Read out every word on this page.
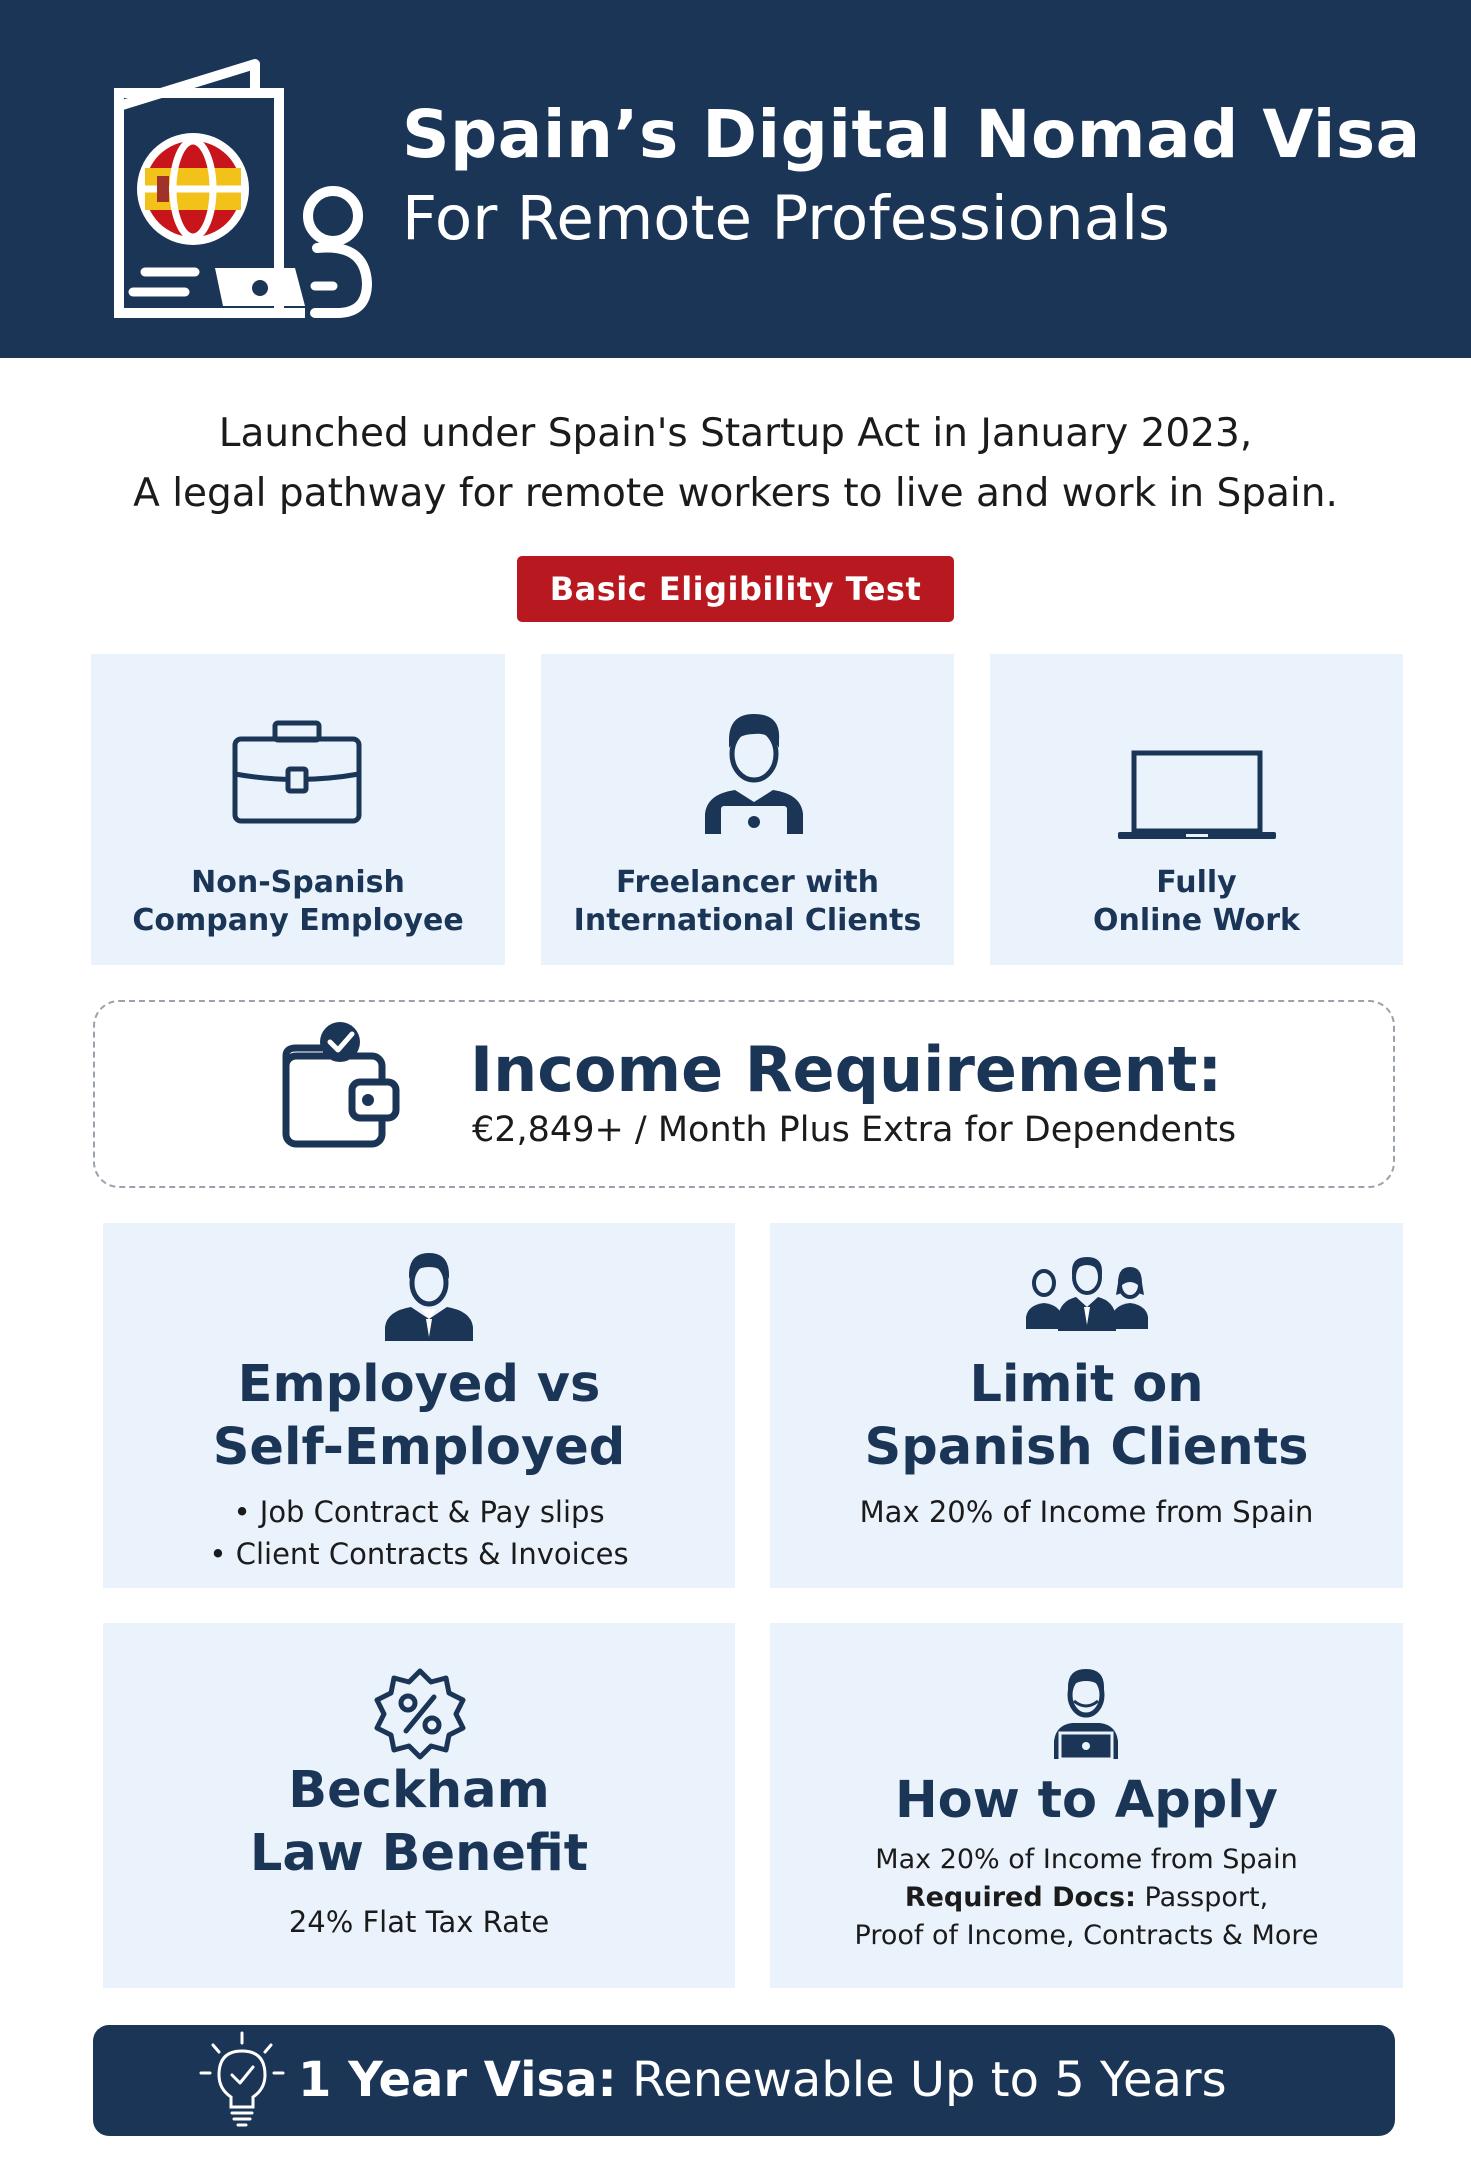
Spain’s Digital Nomad Visa
For Remote Professionals
Launched under Spain's Startup Act in January 2023,
A legal pathway for remote workers to live and work in Spain.
Basic Eligibility Test
Non-Spanish
Company Employee
Freelancer with
International Clients
Fully
Online Work
Income Requirement:
€2,849+ / Month Plus Extra for Dependents
Employed vs
Self-Employed
• Job Contract & Pay slips
• Client Contracts & Invoices
Limit on
Spanish Clients
Max 20% of Income from Spain
Beckham
Law Benefit
24% Flat Tax Rate
How to Apply
Max 20% of Income from Spain
Required Docs: Passport,
Proof of Income, Contracts & More
1 Year Visa: Renewable Up to 5 Years
